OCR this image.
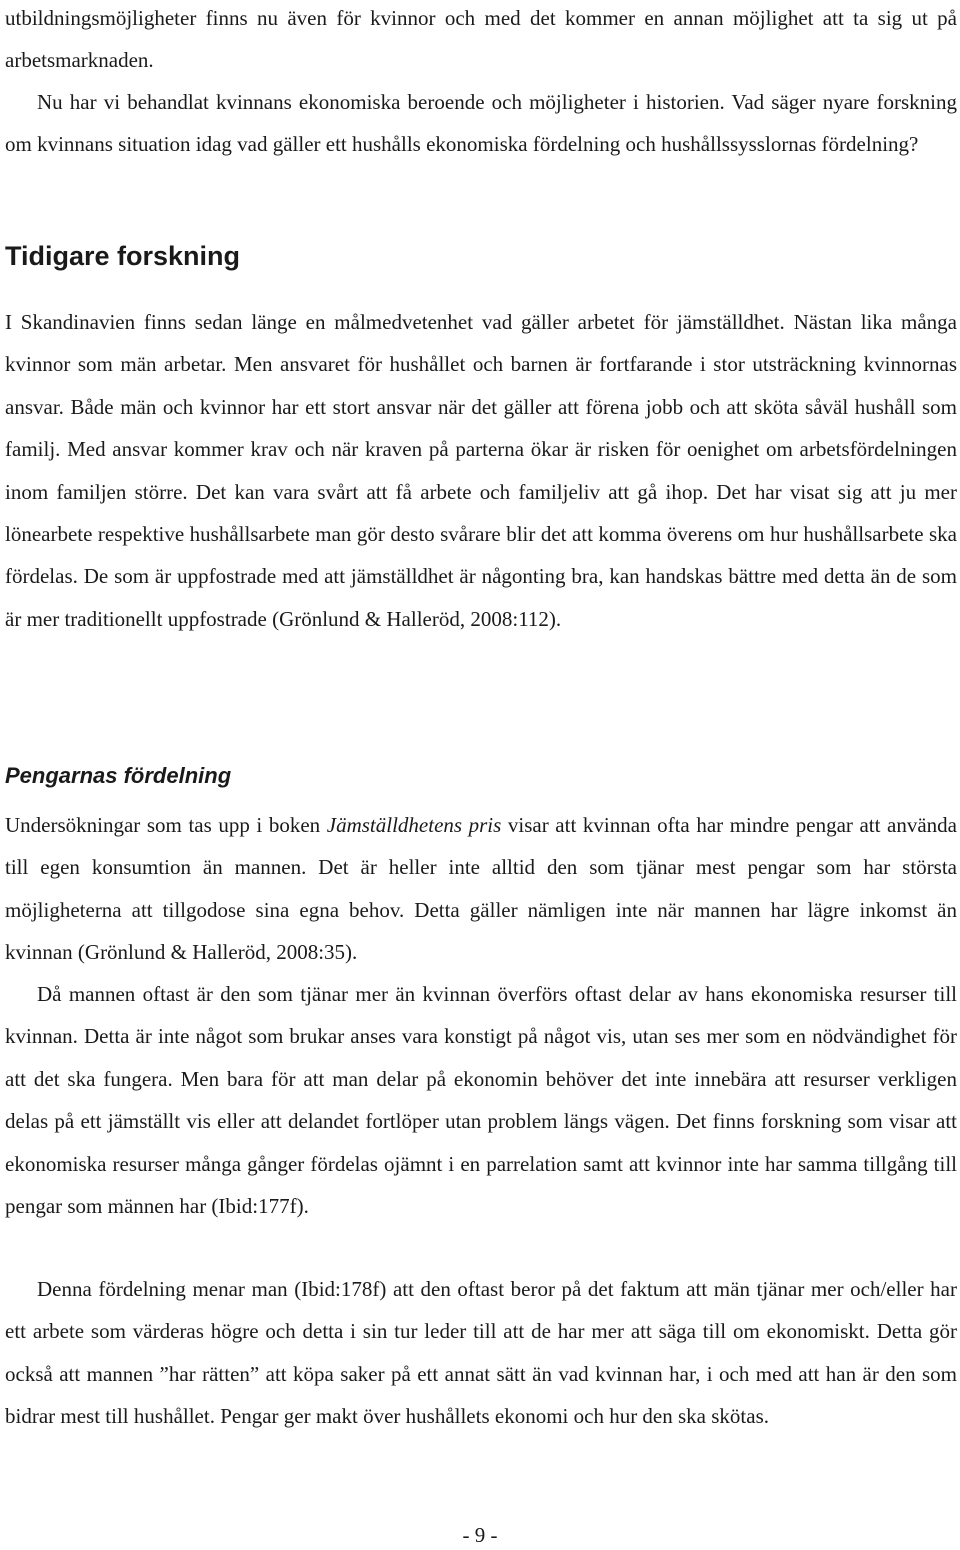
utbildningsmöjligheter finns nu även för kvinnor och med det kommer en annan möjlighet att ta sig ut på arbetsmarknaden.

Nu har vi behandlat kvinnans ekonomiska beroende och möjligheter i historien. Vad säger nyare forskning om kvinnans situation idag vad gäller ett hushålls ekonomiska fördelning och hushållssysslornas fördelning?

Tidigare forskning

I Skandinavien finns sedan länge en målmedvetenhet vad gäller arbetet för jämställdhet. Nästan lika många kvinnor som män arbetar. Men ansvaret för hushållet och barnen är fortfarande i stor utsträckning kvinnornas ansvar. Både män och kvinnor har ett stort ansvar när det gäller att förena jobb och att sköta såväl hushåll som familj. Med ansvar kommer krav och när kraven på parterna ökar är risken för oenighet om arbetsfördelningen inom familjen större. Det kan vara svårt att få arbete och familjeliv att gå ihop. Det har visat sig att ju mer lönearbete respektive hushållsarbete man gör desto svårare blir det att komma överens om hur hushållsarbete ska fördelas. De som är uppfostrade med att jämställdhet är någonting bra, kan handskas bättre med detta än de som är mer traditionellt uppfostrade (Grönlund & Halleröd, 2008:112).

Pengarnas fördelning

Undersökningar som tas upp i boken Jämställdhetens pris visar att kvinnan ofta har mindre pengar att använda till egen konsumtion än mannen. Det är heller inte alltid den som tjänar mest pengar som har största möjligheterna att tillgodose sina egna behov. Detta gäller nämligen inte när mannen har lägre inkomst än kvinnan (Grönlund & Halleröd, 2008:35).

Då mannen oftast är den som tjänar mer än kvinnan överförs oftast delar av hans ekonomiska resurser till kvinnan. Detta är inte något som brukar anses vara konstigt på något vis, utan ses mer som en nödvändighet för att det ska fungera. Men bara för att man delar på ekonomin behöver det inte innebära att resurser verkligen delas på ett jämställt vis eller att delandet fortlöper utan problem längs vägen. Det finns forskning som visar att ekonomiska resurser många gånger fördelas ojämnt i en parrelation samt att kvinnor inte har samma tillgång till pengar som männen har (Ibid:177f).

Denna fördelning menar man (Ibid:178f) att den oftast beror på det faktum att män tjänar mer och/eller har ett arbete som värderas högre och detta i sin tur leder till att de har mer att säga till om ekonomiskt. Detta gör också att mannen ”har rätten” att köpa saker på ett annat sätt än vad kvinnan har, i och med att han är den som bidrar mest till hushållet. Pengar ger makt över hushållets ekonomi och hur den ska skötas.

- 9 -
